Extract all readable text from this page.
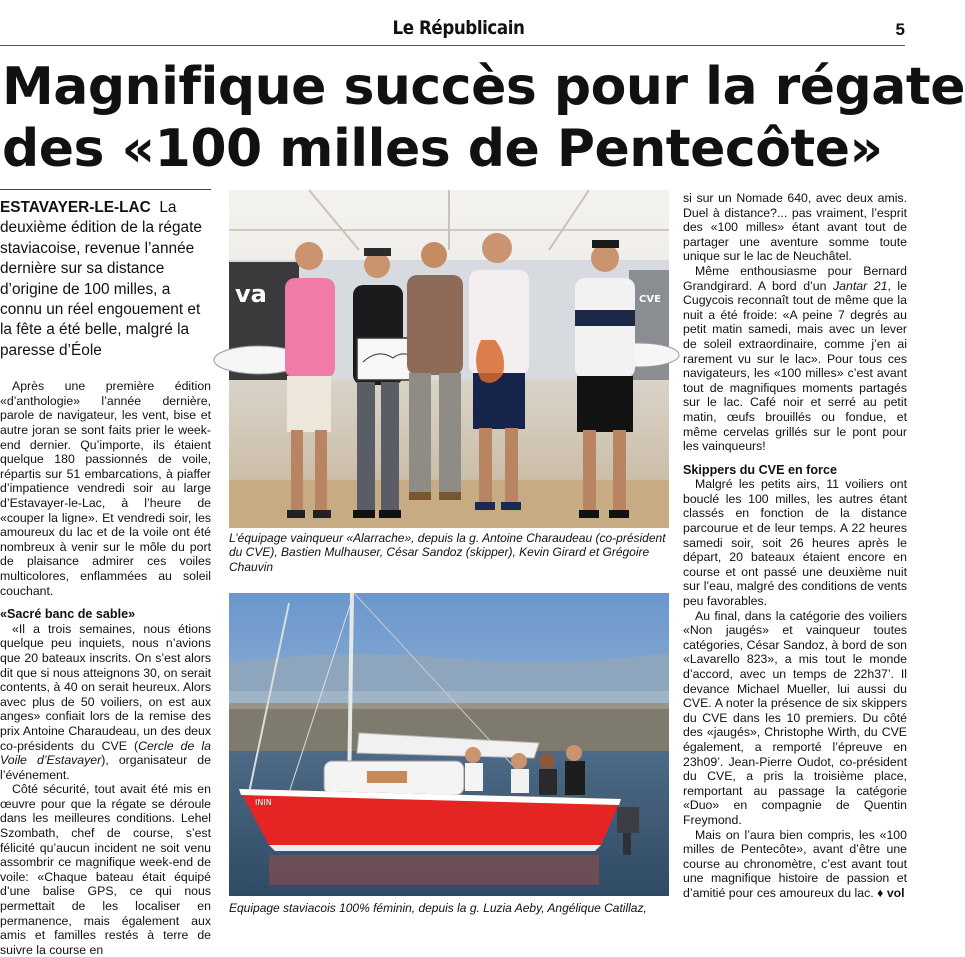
Le Républicain	5
Magnifique succès pour la régate
des «100 milles de Pentecôte»

ESTAVAYER-LE-LAC La deuxième édition de la régate staviacoise, revenue l’année dernière sur sa distance d’origine de 100 milles, a connu un réel engouement et la fête a été belle, malgré la paresse d’Éole

Après une première édition «d’anthologie» l’année dernière, parole de navigateur, les vent, bise et autre joran se sont faits prier le week-end dernier. Qu’importe, ils étaient quelque 180 passionnés de voile, répartis sur 51 embarcations, à piaffer d’impatience vendredi soir au large d’Estavayer-le-Lac, à l’heure de «couper la ligne». Et vendredi soir, les amoureux du lac et de la voile ont été nombreux à venir sur le môle du port de plaisance admirer ces voiles multicolores, enflammées au soleil couchant.

«Sacré banc de sable»

«Il a trois semaines, nous étions quelque peu inquiets, nous n’avions que 20 bateaux inscrits. On s’est alors dit que si nous atteignons 30, on serait contents, à 40 on serait heureux. Alors avec plus de 50 voiliers, on est aux anges» confiait lors de la remise des prix Antoine Charaudeau, un des deux co-présidents du CVE (Cercle de la Voile d’Estavayer), organisateur de l’événement.

Côté sécurité, tout avait été mis en œuvre pour que la régate se déroule dans les meilleures conditions. Lehel Szombath, chef de course, s’est félicité qu’aucun incident ne soit venu assombrir ce magnifique week-end de voile: «Chaque bateau était équipé d’une balise GPS, ce qui nous permettait de les localiser en permanence, mais également aux amis et familles restés à terre de suivre la course en

va	CVE

L’équipage vainqueur «Alarrache», depuis la g. Antoine Charaudeau (co-président du CVE), Bastien Mulhauser, César Sandoz (skipper), Kevin Girard et Grégoire Chauvin

ININ

Equipage staviacois 100% féminin, depuis la g. Luzia Aeby, Angélique Catillaz,

si sur un Nomade 640, avec deux amis. Duel à distance?... pas vraiment, l’esprit des «100 milles» étant avant tout de partager une aventure somme toute unique sur le lac de Neuchâtel.

Même enthousiasme pour Bernard Grandgirard. A bord d’un Jantar 21, le Cugycois reconnaît tout de même que la nuit a été froide: «A peine 7 degrés au petit matin samedi, mais avec un lever de soleil extraordinaire, comme j’en ai rarement vu sur le lac». Pour tous ces navigateurs, les «100 milles» c’est avant tout de magnifiques moments partagés sur le lac. Café noir et serré au petit matin, œufs brouillés ou fondue, et même cervelas grillés sur le pont pour les vainqueurs!

Skippers du CVE en force

Malgré les petits airs, 11 voiliers ont bouclé les 100 milles, les autres étant classés en fonction de la distance parcourue et de leur temps. A 22 heures samedi soir, soit 26 heures après le départ, 20 bateaux étaient encore en course et ont passé une deuxième nuit sur l’eau, malgré des conditions de vents peu favorables.

Au final, dans la catégorie des voiliers «Non jaugés» et vainqueur toutes catégories, César Sandoz, à bord de son «Lavarello 823», a mis tout le monde d’accord, avec un temps de 22h37’. Il devance Michael Mueller, lui aussi du CVE. A noter la présence de six skippers du CVE dans les 10 premiers. Du côté des «jaugés», Christophe Wirth, du CVE également, a remporté l’épreuve en 23h09’. Jean-Pierre Oudot, co-président du CVE, a pris la troisième place, remportant au passage la catégorie «Duo» en compagnie de Quentin Freymond.

Mais on l’aura bien compris, les «100 milles de Pentecôte», avant d’être une course au chronomètre, c’est avant tout une magnifique histoire de passion et d’amitié pour ces amoureux du lac. ♦ vol
